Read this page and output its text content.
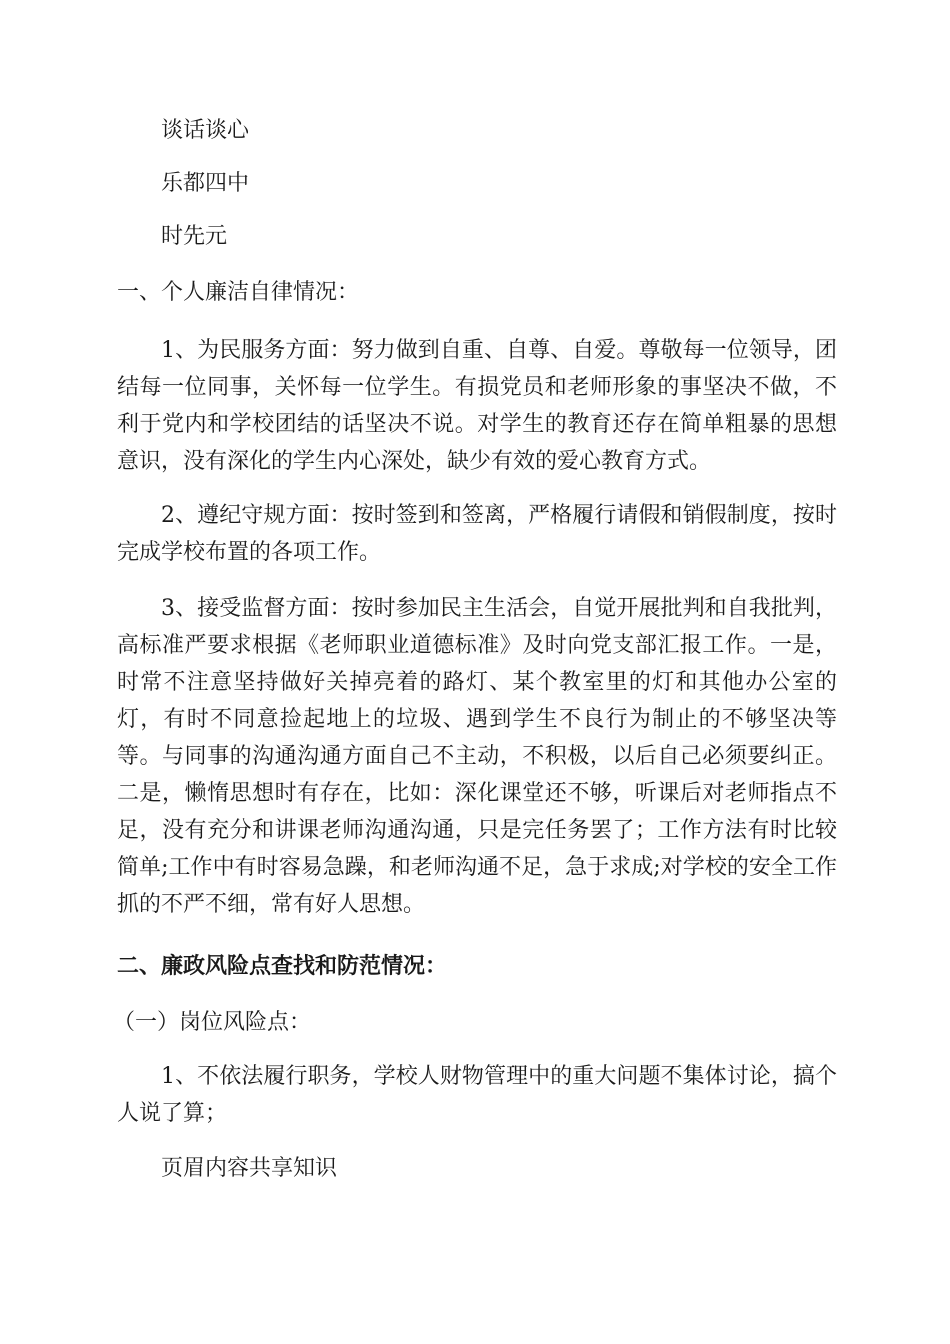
谈话谈心
乐都四中
时先元
一、个人廉洁自律情况：
1、为民服务方面：努力做到自重、自尊、自爱。尊敬每一位领导，团结每一位同事，关怀每一位学生。有损党员和老师形象的事坚决不做，不利于党内和学校团结的话坚决不说。对学生的教育还存在简单粗暴的思想意识，没有深化的学生内心深处，缺少有效的爱心教育方式。
2、遵纪守规方面：按时签到和签离，严格履行请假和销假制度，按时完成学校布置的各项工作。
3、接受监督方面：按时参加民主生活会，自觉开展批判和自我批判，高标准严要求根据《老师职业道德标准》及时向党支部汇报工作。一是，时常不注意坚持做好关掉亮着的路灯、某个教室里的灯和其他办公室的灯，有时不同意捡起地上的垃圾、遇到学生不良行为制止的不够坚决等等。与同事的沟通沟通方面自己不主动，不积极，以后自己必须要纠正。二是，懒惰思想时有存在，比如：深化课堂还不够，听课后对老师指点不足，没有充分和讲课老师沟通沟通，只是完任务罢了；工作方法有时比较简单;工作中有时容易急躁，和老师沟通不足，急于求成;对学校的安全工作抓的不严不细，常有好人思想。
二、廉政风险点查找和防范情况：
（一）岗位风险点：
1、不依法履行职务，学校人财物管理中的重大问题不集体讨论，搞个人说了算；
页眉内容共享知识
